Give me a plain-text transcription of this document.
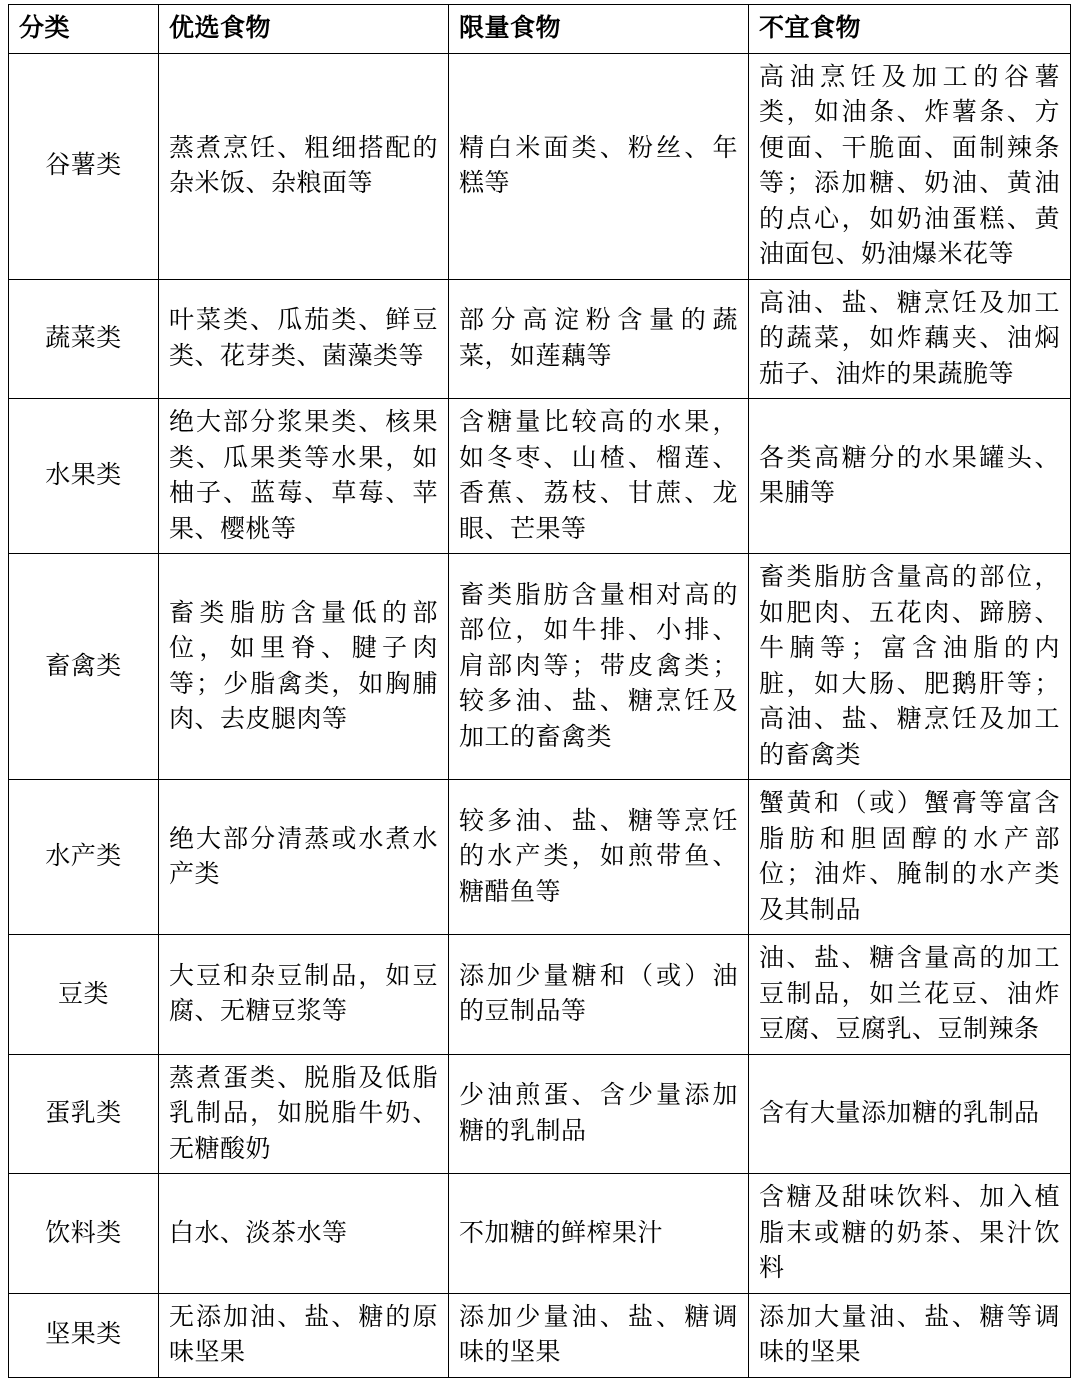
分类	优选食物	限量食物	不宜食物

谷薯类	蒸煮烹饪、粗细搭配的杂米饭、杂粮面等	精白米面类、粉丝、年糕等	高油烹饪及加工的谷薯类，如油条、炸薯条、方便面、干脆面、面制辣条等；添加糖、奶油、黄油的点心，如奶油蛋糕、黄油面包、奶油爆米花等

蔬菜类	叶菜类、瓜茄类、鲜豆类、花芽类、菌藻类等	部分高淀粉含量的蔬菜，如莲藕等	高油、盐、糖烹饪及加工的蔬菜，如炸藕夹、油焖茄子、油炸的果蔬脆等

水果类	绝大部分浆果类、核果类、瓜果类等水果，如柚子、蓝莓、草莓、苹果、樱桃等	含糖量比较高的水果，如冬枣、山楂、榴莲、香蕉、荔枝、甘蔗、龙眼、芒果等	各类高糖分的水果罐头、果脯等

畜禽类	畜类脂肪含量低的部位，如里脊、腱子肉等；少脂禽类，如胸脯肉、去皮腿肉等	畜类脂肪含量相对高的部位，如牛排、小排、肩部肉等；带皮禽类；较多油、盐、糖烹饪及加工的畜禽类	畜类脂肪含量高的部位，如肥肉、五花肉、蹄膀、牛腩等；富含油脂的内脏，如大肠、肥鹅肝等；高油、盐、糖烹饪及加工的畜禽类

水产类	绝大部分清蒸或水煮水产类	较多油、盐、糖等烹饪的水产类，如煎带鱼、糖醋鱼等	蟹黄和（或）蟹膏等富含脂肪和胆固醇的水产部位；油炸、腌制的水产类及其制品

豆类	大豆和杂豆制品，如豆腐、无糖豆浆等	添加少量糖和（或）油的豆制品等	油、盐、糖含量高的加工豆制品，如兰花豆、油炸豆腐、豆腐乳、豆制辣条

蛋乳类	蒸煮蛋类、脱脂及低脂乳制品，如脱脂牛奶、无糖酸奶	少油煎蛋、含少量添加糖的乳制品	含有大量添加糖的乳制品

饮料类	白水、淡茶水等	不加糖的鲜榨果汁	含糖及甜味饮料、加入植脂末或糖的奶茶、果汁饮料

坚果类	无添加油、盐、糖的原味坚果	添加少量油、盐、糖调味的坚果	添加大量油、盐、糖等调味的坚果
